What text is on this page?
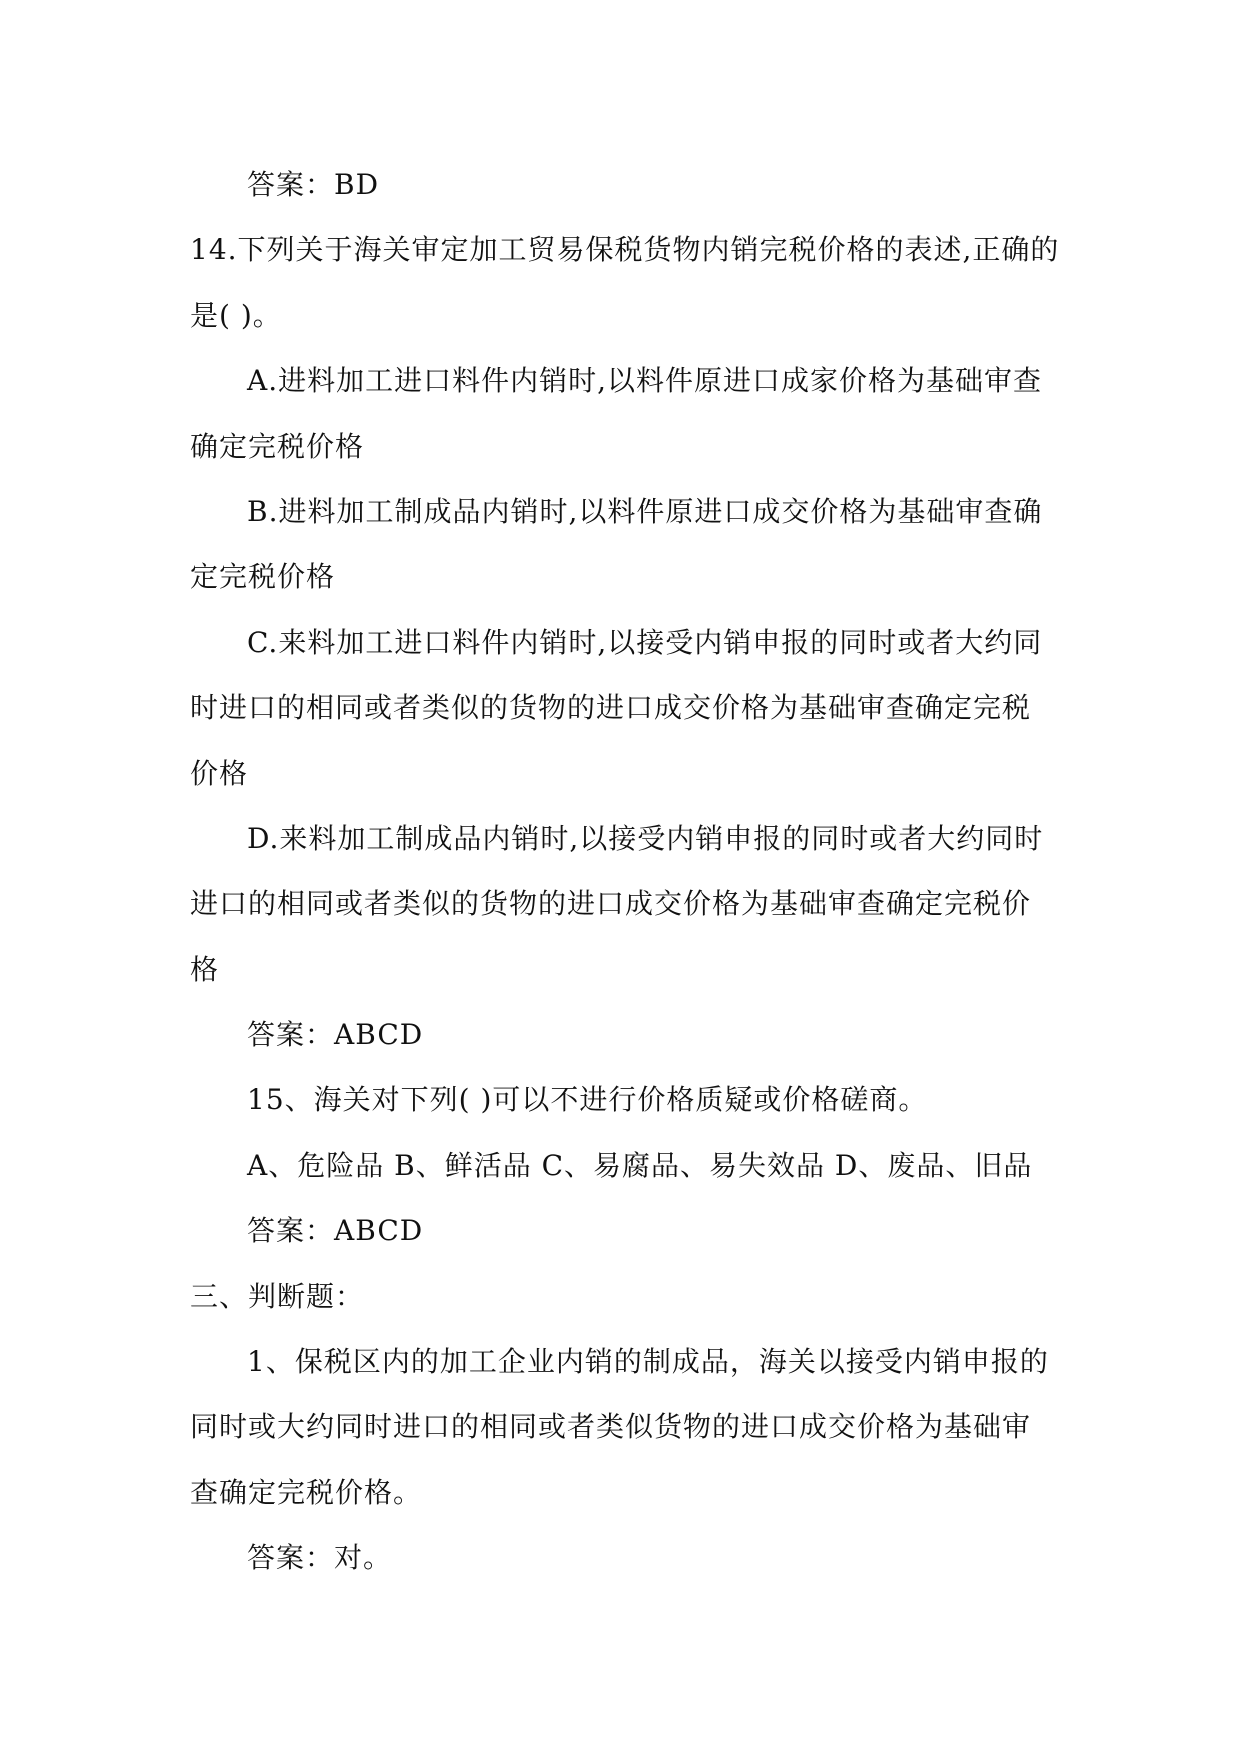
答案：BD
14.下列关于海关审定加工贸易保税货物内销完税价格的表述,正确的
是( )。
A.进料加工进口料件内销时,以料件原进口成家价格为基础审查
确定完税价格
B.进料加工制成品内销时,以料件原进口成交价格为基础审查确
定完税价格
C.来料加工进口料件内销时,以接受内销申报的同时或者大约同
时进口的相同或者类似的货物的进口成交价格为基础审查确定完税
价格
D.来料加工制成品内销时,以接受内销申报的同时或者大约同时
进口的相同或者类似的货物的进口成交价格为基础审查确定完税价
格
答案：ABCD
15、海关对下列( )可以不进行价格质疑或价格磋商。
A、危险品 B、鲜活品 C、易腐品、易失效品 D、废品、旧品
答案：ABCD
三、判断题：
1、保税区内的加工企业内销的制成品，海关以接受内销申报的
同时或大约同时进口的相同或者类似货物的进口成交价格为基础审
查确定完税价格。
答案：对。
